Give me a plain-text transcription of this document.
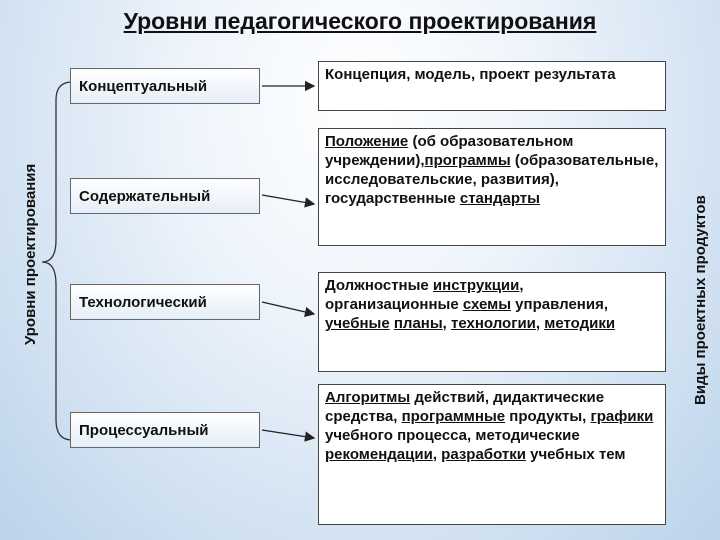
Уровни педагогического проектирования
Уровни проектирования	Виды проектных продуктов
Концептуальный
Содержательный
Технологический
Процессуальный
Концепция, модель, проект результата
Положение (об образовательном учреждении),программы (образовательные, исследовательские, развития), государственные стандарты
Должностные инструкции, организационные схемы управления, учебные планы, технологии, методики
Алгоритмы действий, дидактические средства, программные продукты, графики учебного процесса, методические рекомендации, разработки учебных тем
